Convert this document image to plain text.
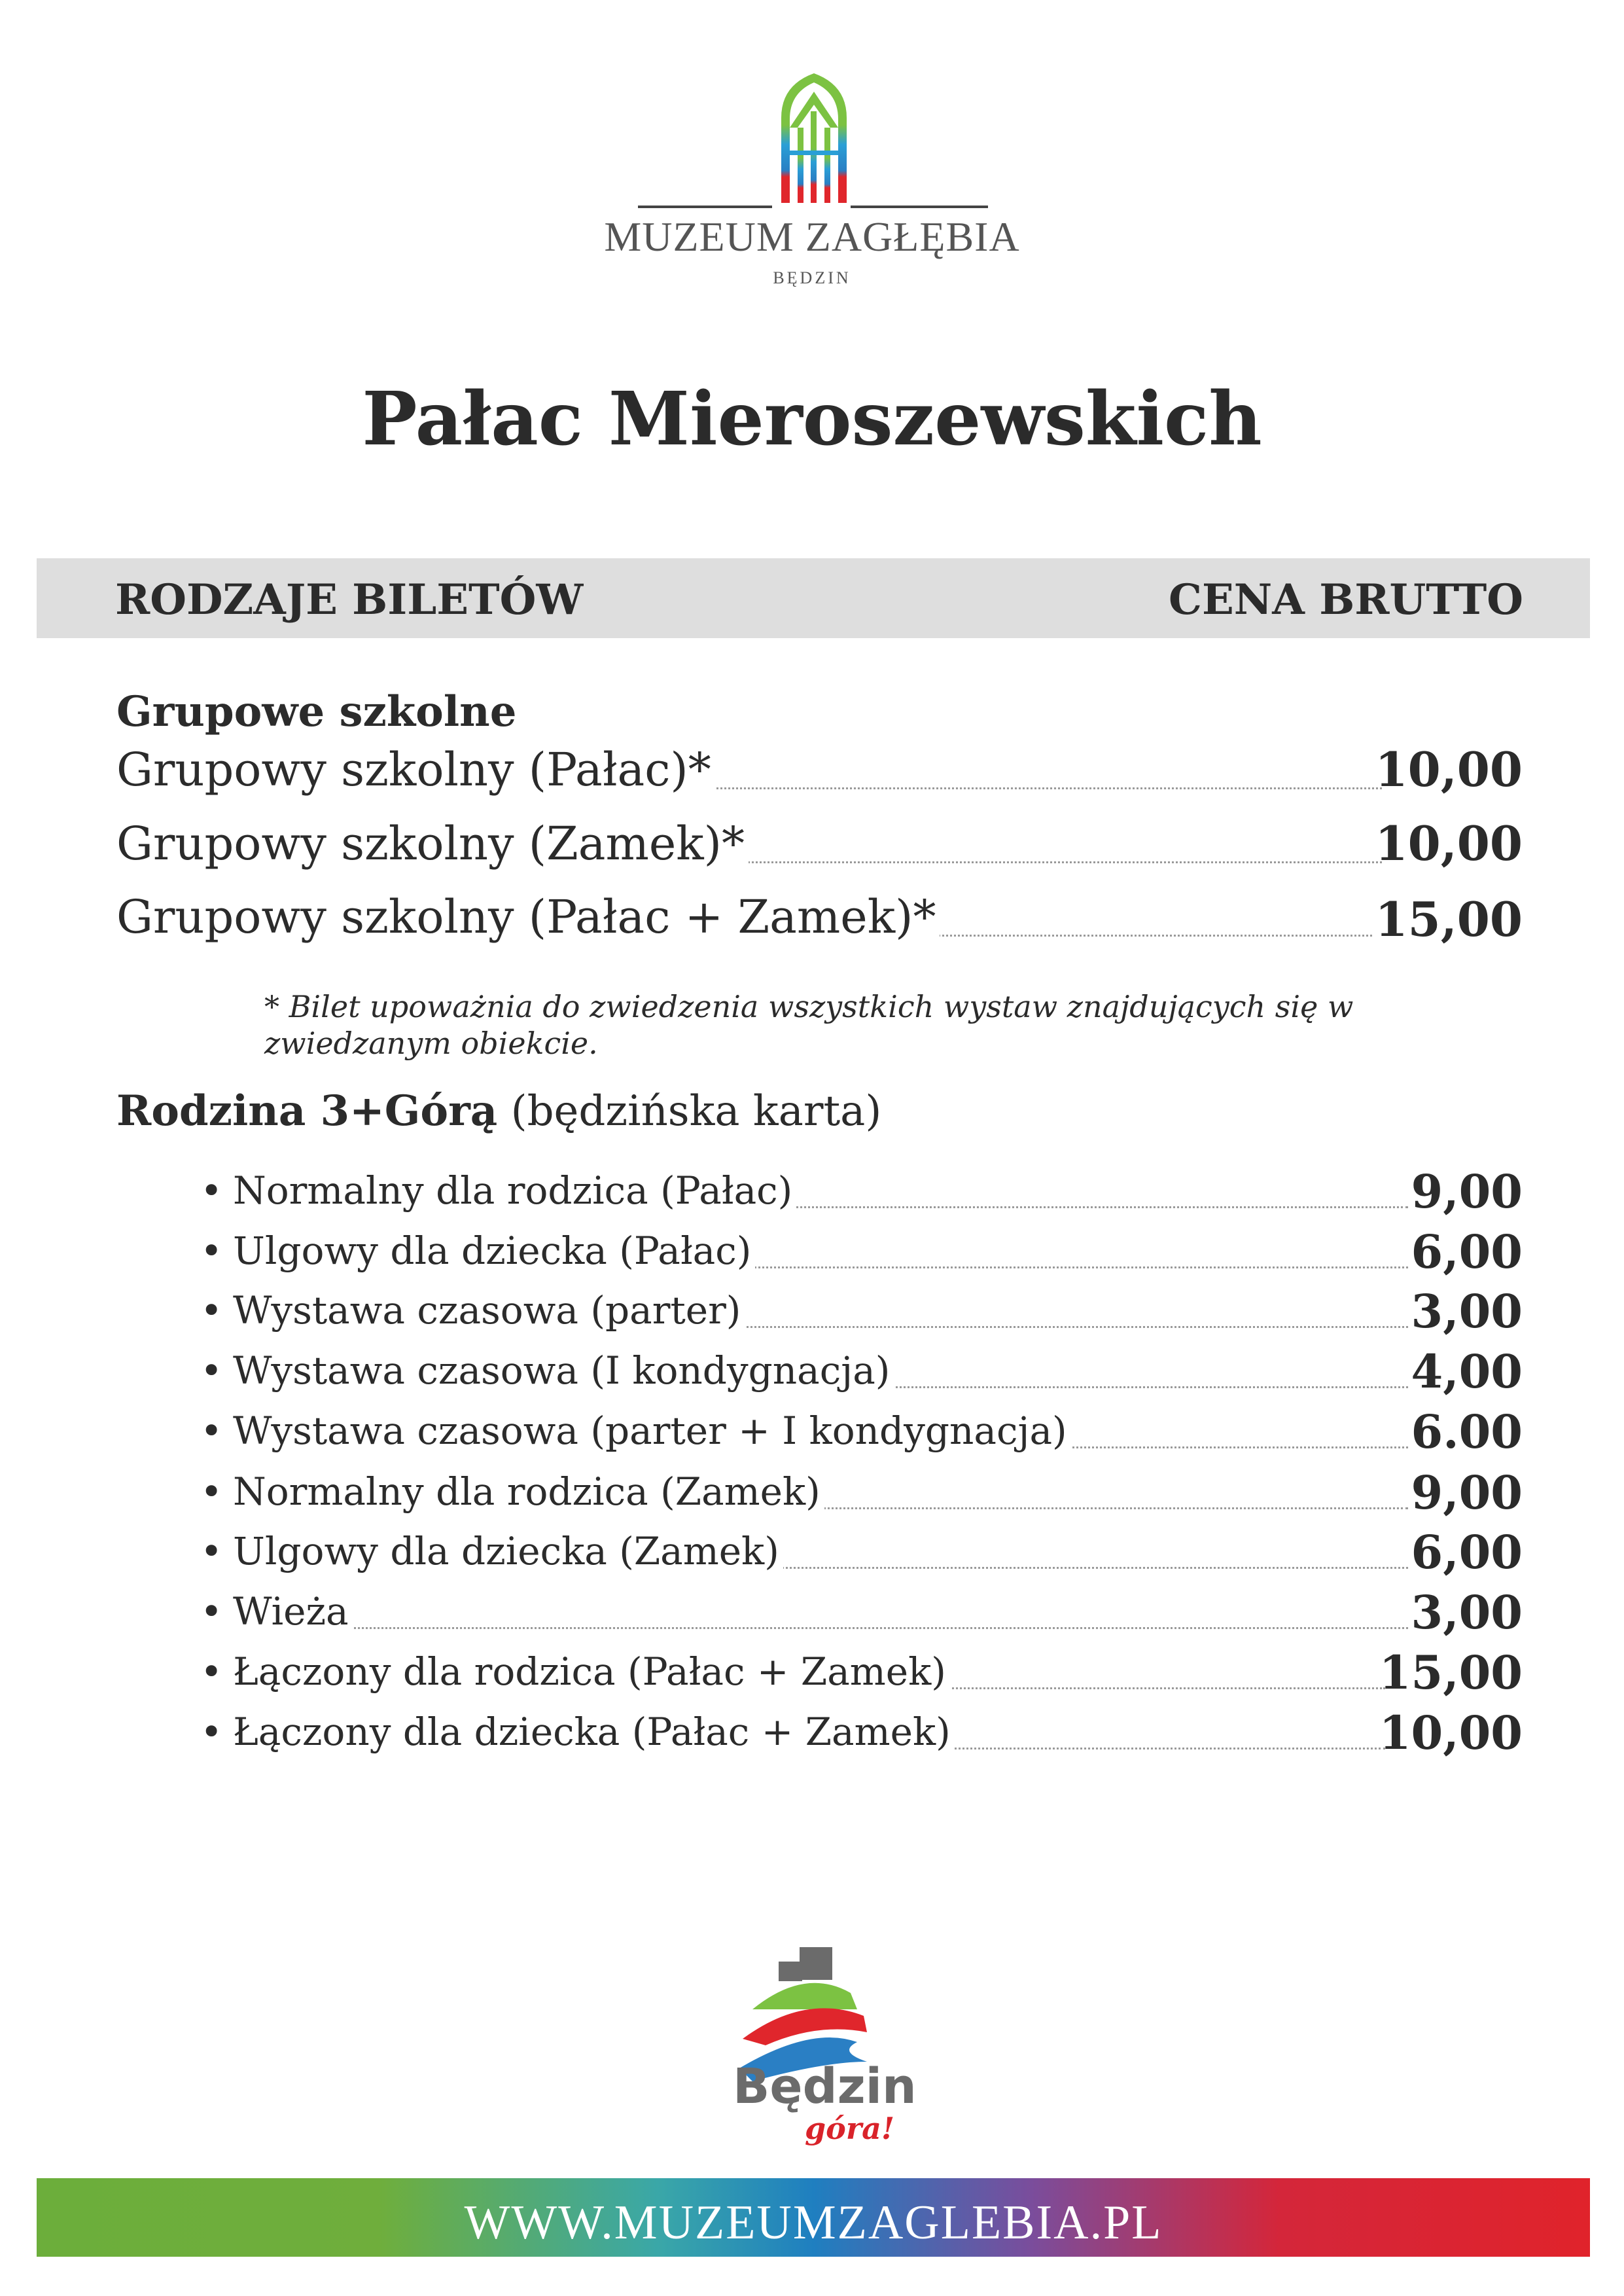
MUZEUM ZAGŁĘBIA
BĘDZIN
Pałac Mieroszewskich
RODZAJE BILETÓW	CENA BRUTTO
Grupowe szkolne
Grupowy szkolny (Pałac)*	10,00
Grupowy szkolny (Zamek)*	10,00
Grupowy szkolny (Pałac + Zamek)*	15,00
* Bilet upoważnia do zwiedzenia wszystkich wystaw znajdujących się w zwiedzanym obiekcie.
Rodzina 3+Górą (będzińska karta)
• Normalny dla rodzica (Pałac)	9,00
• Ulgowy dla dziecka (Pałac)	6,00
• Wystawa czasowa (parter)	3,00
• Wystawa czasowa (I kondygnacja)	4,00
• Wystawa czasowa (parter + I kondygnacja)	6.00
• Normalny dla rodzica (Zamek)	9,00
• Ulgowy dla dziecka (Zamek)	6,00
• Wieża	3,00
• Łączony dla rodzica (Pałac + Zamek)	15,00
• Łączony dla dziecka (Pałac + Zamek)	10,00
Będzin
góra!
WWW.MUZEUMZAGLEBIA.PL
